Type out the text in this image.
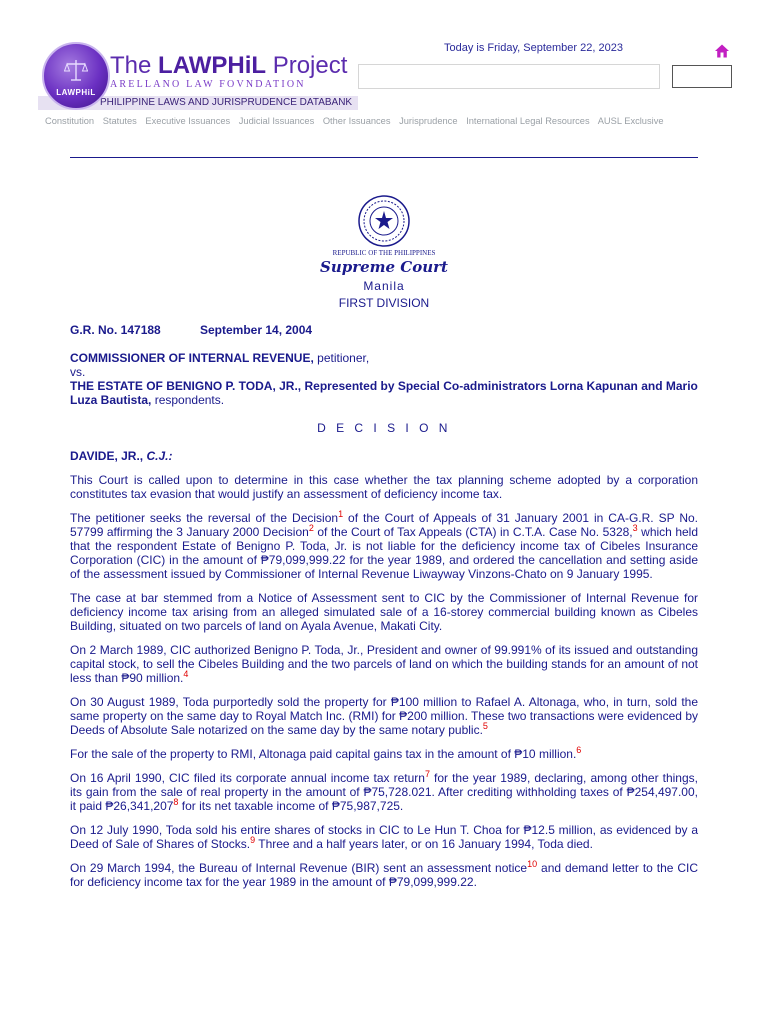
PHILIPPINE LAWS AND JURISPRUDENCE DATABANK
LAWPHiL
The LAWPHiL Project
ARELLANO LAW FOVNDATION
Today is Friday, September 22, 2023
Constitution Statutes Executive Issuances Judicial Issuances Other Issuances Jurisprudence International Legal Resources AUSL Exclusive
REPUBLIC OF THE PHILIPPINES
Supreme Court
Manila
FIRST DIVISION

G.R. No. 147188	September 14, 2004

COMMISSIONER OF INTERNAL REVENUE, petitioner,
vs.
THE ESTATE OF BENIGNO P. TODA, JR., Represented by Special Co-administrators Lorna Kapunan and Mario Luza Bautista, respondents.

D E C I S I O N

DAVIDE, JR., C.J.:

This Court is called upon to determine in this case whether the tax planning scheme adopted by a corporation constitutes tax evasion that would justify an assessment of deficiency income tax.

The petitioner seeks the reversal of the Decision$^1$ of the Court of Appeals of 31 January 2001 in CA-G.R. SP No. 57799 affirming the 3 January 2000 Decision$^2$ of the Court of Tax Appeals (CTA) in C.T.A. Case No. 5328,$^3$ which held that the respondent Estate of Benigno P. Toda, Jr. is not liable for the deficiency income tax of Cibeles Insurance Corporation (CIC) in the amount of ₱79,099,999.22 for the year 1989, and ordered the cancellation and setting aside of the assessment issued by Commissioner of Internal Revenue Liwayway Vinzons-Chato on 9 January 1995.

The case at bar stemmed from a Notice of Assessment sent to CIC by the Commissioner of Internal Revenue for deficiency income tax arising from an alleged simulated sale of a 16-storey commercial building known as Cibeles Building, situated on two parcels of land on Ayala Avenue, Makati City.

On 2 March 1989, CIC authorized Benigno P. Toda, Jr., President and owner of 99.991% of its issued and outstanding capital stock, to sell the Cibeles Building and the two parcels of land on which the building stands for an amount of not less than ₱90 million.$^4$

On 30 August 1989, Toda purportedly sold the property for ₱100 million to Rafael A. Altonaga, who, in turn, sold the same property on the same day to Royal Match Inc. (RMI) for ₱200 million. These two transactions were evidenced by Deeds of Absolute Sale notarized on the same day by the same notary public.$^5$

For the sale of the property to RMI, Altonaga paid capital gains tax in the amount of ₱10 million.$^6$

On 16 April 1990, CIC filed its corporate annual income tax return$^7$ for the year 1989, declaring, among other things, its gain from the sale of real property in the amount of ₱75,728.021. After crediting withholding taxes of ₱254,497.00, it paid ₱26,341,207$^8$ for its net taxable income of ₱75,987,725.

On 12 July 1990, Toda sold his entire shares of stocks in CIC to Le Hun T. Choa for ₱12.5 million, as evidenced by a Deed of Sale of Shares of Stocks.$^9$ Three and a half years later, or on 16 January 1994, Toda died.

On 29 March 1994, the Bureau of Internal Revenue (BIR) sent an assessment notice$^{10}$ and demand letter to the CIC for deficiency income tax for the year 1989 in the amount of ₱79,099,999.22.
